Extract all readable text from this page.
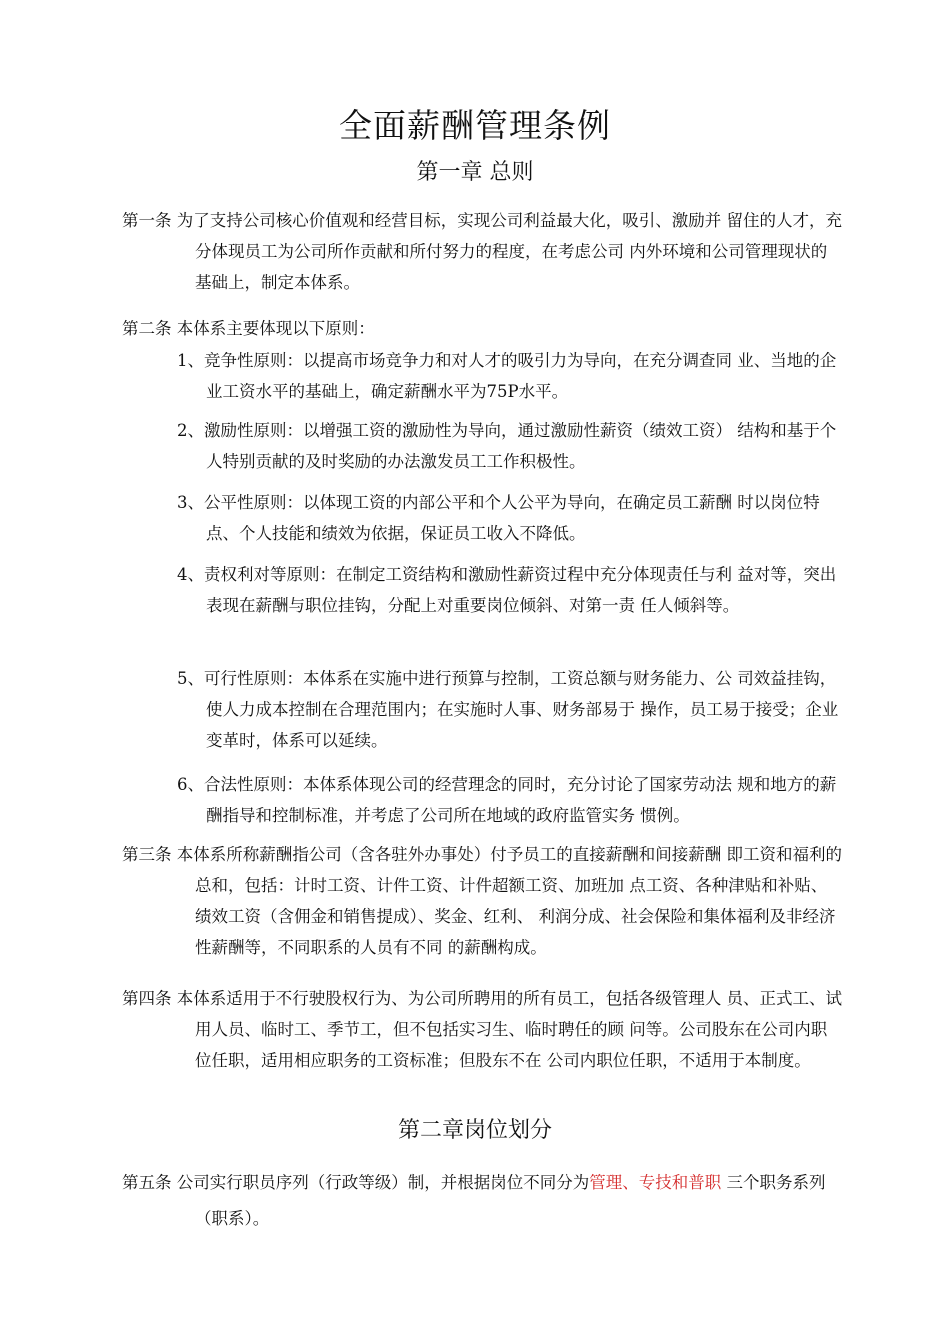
全面薪酬管理条例
第一章 总则

第一条 为了支持公司核心价值观和经营目标，实现公司利益最大化，吸引、激励并 留住的人才，充分体现员工为公司所作贡献和所付努力的程度，在考虑公司 内外环境和公司管理现状的基础上，制定本体系。

第二条 本体系主要体现以下原则：

1、竞争性原则：以提高市场竞争力和对人才的吸引力为导向，在充分调查同 业、当地的企业工资水平的基础上，确定薪酬水平为75P水平。

2、激励性原则：以增强工资的激励性为导向，通过激励性薪资（绩效工资） 结构和基于个人特别贡献的及时奖励的办法激发员工工作积极性。

3、公平性原则：以体现工资的内部公平和个人公平为导向，在确定员工薪酬 时以岗位特点、个人技能和绩效为依据，保证员工收入不降低。

4、责权利对等原则：在制定工资结构和激励性薪资过程中充分体现责任与利 益对等，突出表现在薪酬与职位挂钩，分配上对重要岗位倾斜、对第一责 任人倾斜等。

5、可行性原则：本体系在实施中进行预算与控制，工资总额与财务能力、公 司效益挂钩，使人力成本控制在合理范围内；在实施时人事、财务部易于 操作，员工易于接受；企业变革时，体系可以延续。

6、合法性原则：本体系体现公司的经营理念的同时，充分讨论了国家劳动法 规和地方的薪酬指导和控制标准，并考虑了公司所在地域的政府监管实务 惯例。

第三条 本体系所称薪酬指公司（含各驻外办事处）付予员工的直接薪酬和间接薪酬 即工资和福利的总和，包括：计时工资、计件工资、计件超额工资、加班加 点工资、各种津贴和补贴、绩效工资（含佣金和销售提成）、奖金、红利、 利润分成、社会保险和集体福利及非经济性薪酬等，不同职系的人员有不同 的薪酬构成。

第四条 本体系适用于不行驶股权行为、为公司所聘用的所有员工，包括各级管理人 员、正式工、试用人员、临时工、季节工，但不包括实习生、临时聘任的顾 问等。公司股东在公司内职位任职，适用相应职务的工资标准；但股东不在 公司内职位任职，不适用于本制度。

第二章岗位划分

第五条 公司实行职员序列（行政等级）制，并根据岗位不同分为管理、专技和普职 三个职务系列（职系）。
